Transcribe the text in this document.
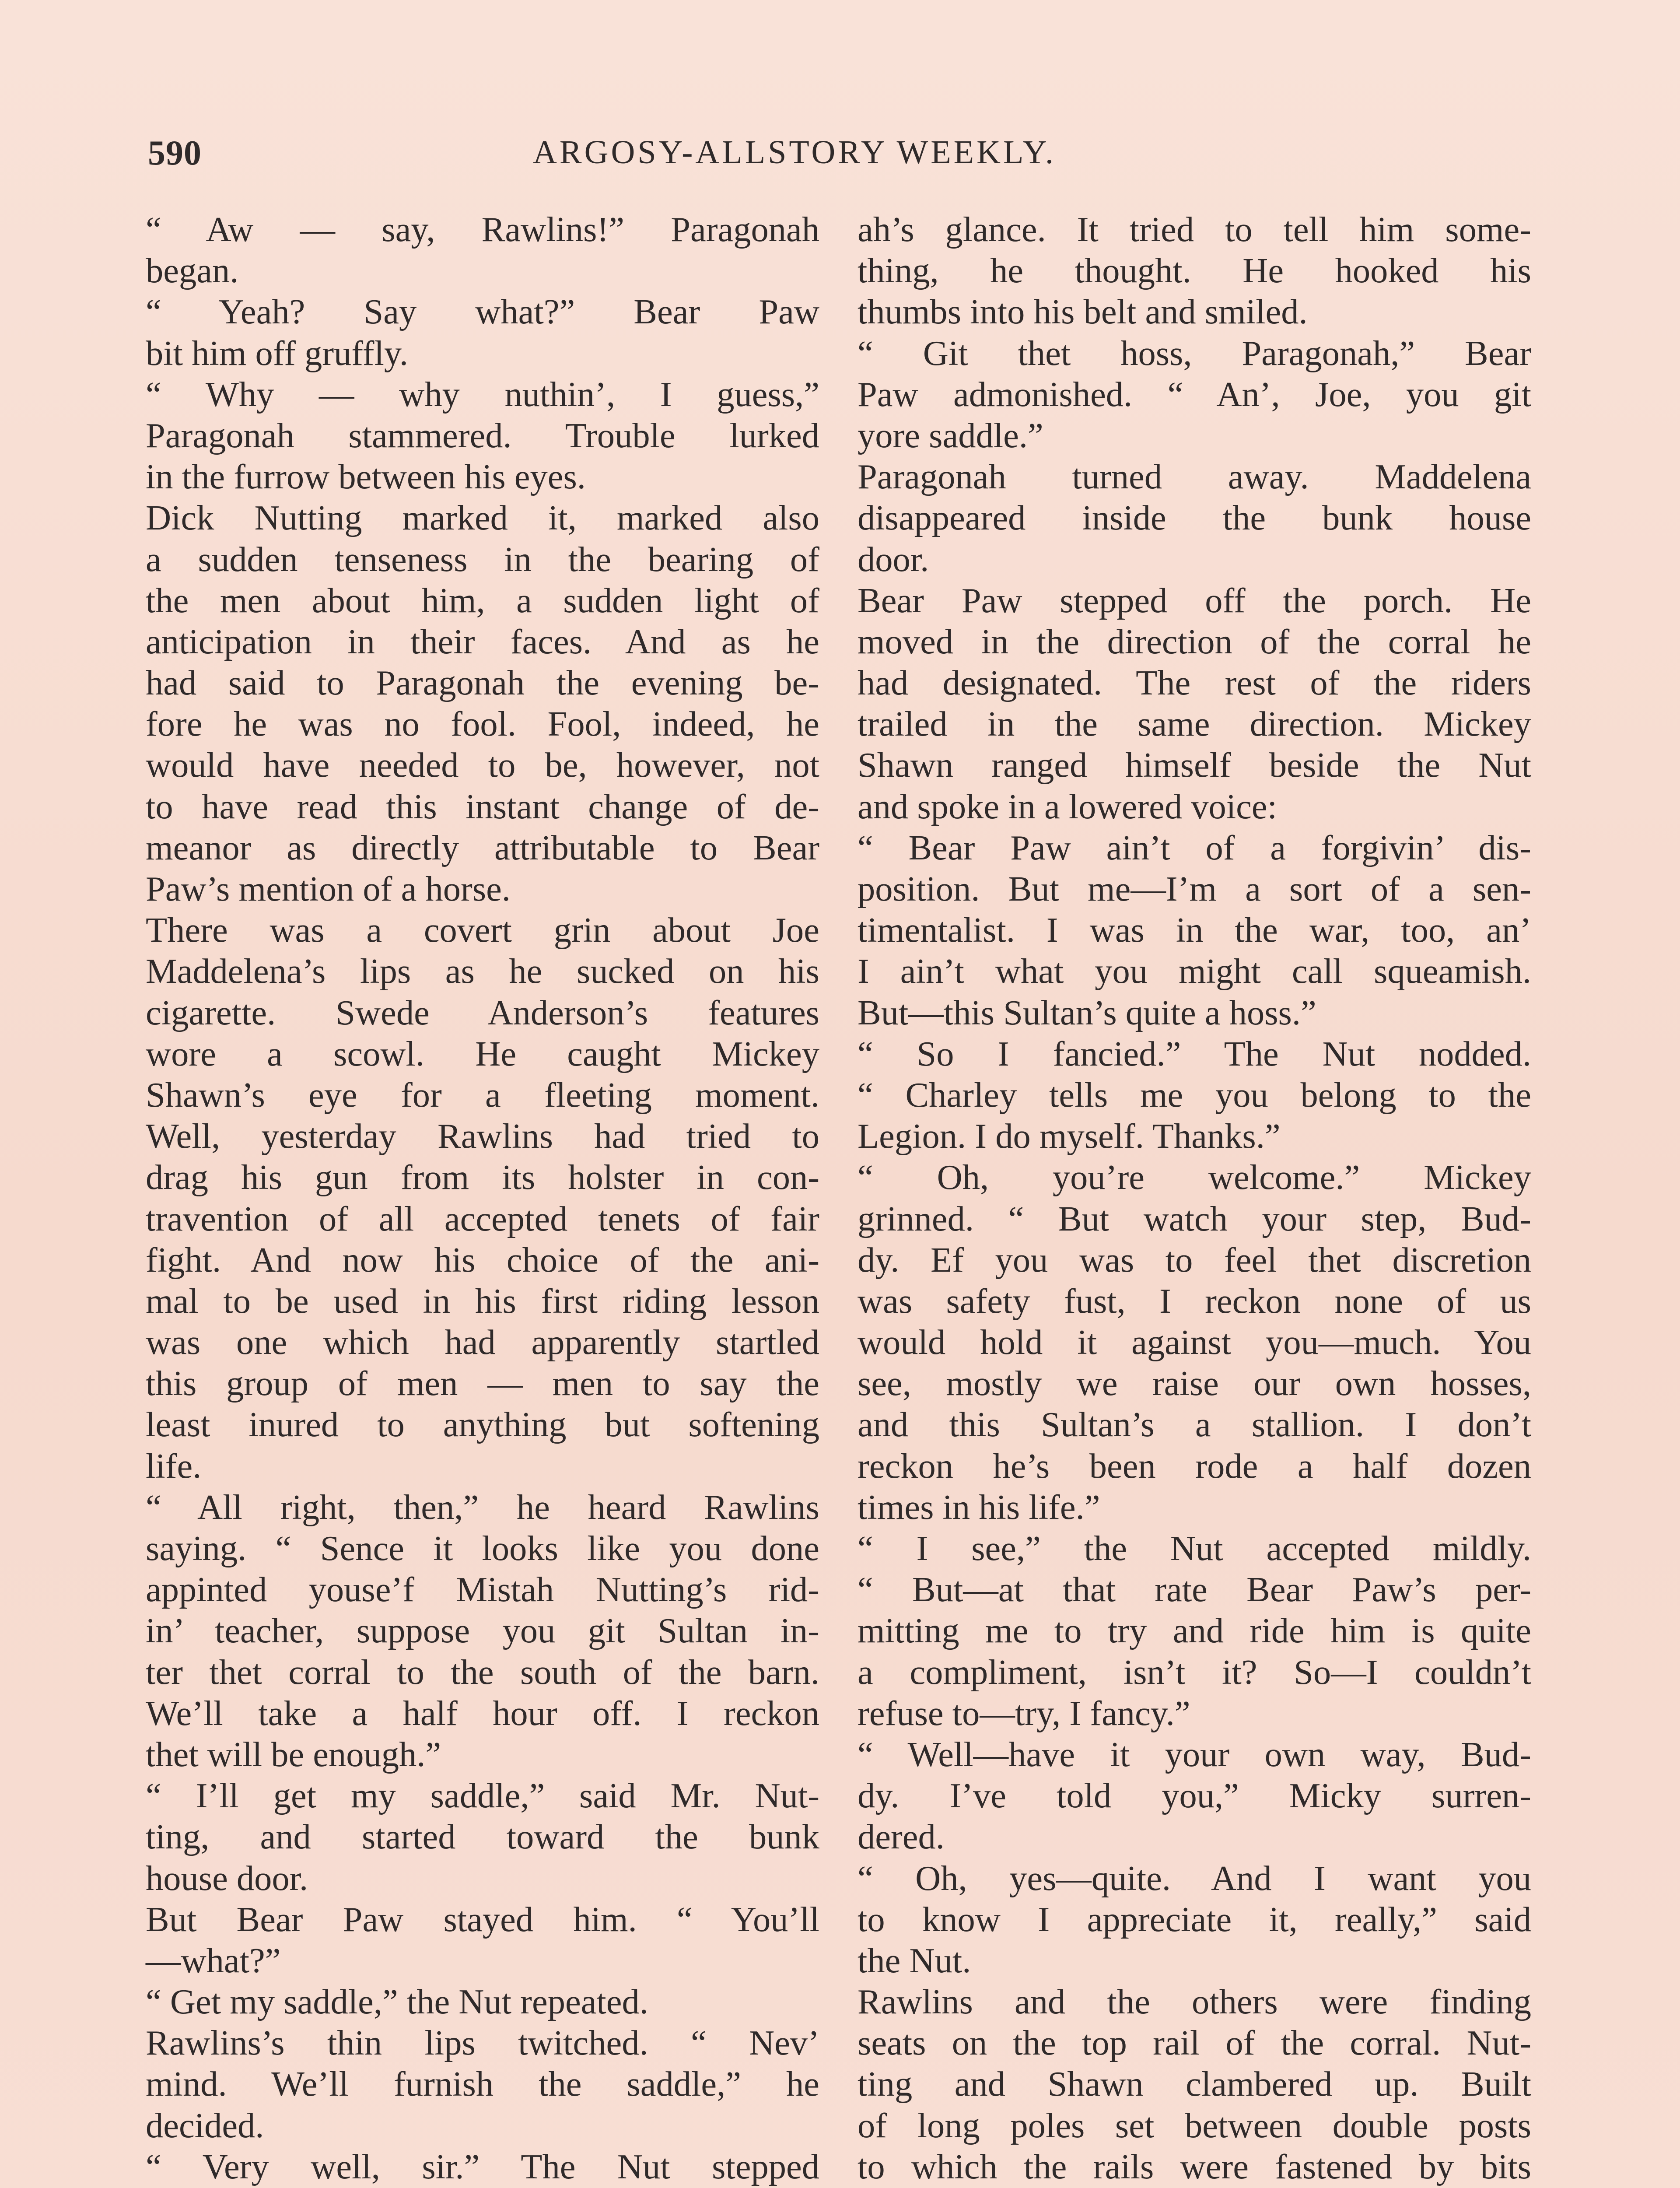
590	ARGOSY-ALLSTORY WEEKLY.
“ Aw — say, Rawlins!” Paragonah
began.
“ Yeah? Say what?” Bear Paw
bit him off gruffly.
“ Why — why nuthin’, I guess,”
Paragonah stammered. Trouble lurked
in the furrow between his eyes.
Dick Nutting marked it, marked also
a sudden tenseness in the bearing of
the men about him, a sudden light of
anticipation in their faces. And as he
had said to Paragonah the evening be-
fore he was no fool. Fool, indeed, he
would have needed to be, however, not
to have read this instant change of de-
meanor as directly attributable to Bear
Paw’s mention of a horse.
There was a covert grin about Joe
Maddelena’s lips as he sucked on his
cigarette. Swede Anderson’s features
wore a scowl. He caught Mickey
Shawn’s eye for a fleeting moment.
Well, yesterday Rawlins had tried to
drag his gun from its holster in con-
travention of all accepted tenets of fair
fight. And now his choice of the ani-
mal to be used in his first riding lesson
was one which had apparently startled
this group of men — men to say the
least inured to anything but softening
life.
“ All right, then,” he heard Rawlins
saying. “ Sence it looks like you done
appinted youse’f Mistah Nutting’s rid-
in’ teacher, suppose you git Sultan in-
ter thet corral to the south of the barn.
We’ll take a half hour off. I reckon
thet will be enough.”
“ I’ll get my saddle,” said Mr. Nut-
ting, and started toward the bunk
house door.
But Bear Paw stayed him. “ You’ll
—what?”
“ Get my saddle,” the Nut repeated.
Rawlins’s thin lips twitched. “ Nev’
mind. We’ll furnish the saddle,” he
decided.
“ Very well, sir.” The Nut stepped
ah’s glance. It tried to tell him some-
thing, he thought. He hooked his
thumbs into his belt and smiled.
“ Git thet hoss, Paragonah,” Bear
Paw admonished. “ An’, Joe, you git
yore saddle.”
Paragonah turned away. Maddelena
disappeared inside the bunk house
door.
Bear Paw stepped off the porch. He
moved in the direction of the corral he
had designated. The rest of the riders
trailed in the same direction. Mickey
Shawn ranged himself beside the Nut
and spoke in a lowered voice:
“ Bear Paw ain’t of a forgivin’ dis-
position. But me—I’m a sort of a sen-
timentalist. I was in the war, too, an’
I ain’t what you might call squeamish.
But—this Sultan’s quite a hoss.”
“ So I fancied.” The Nut nodded.
“ Charley tells me you belong to the
Legion. I do myself. Thanks.”
“ Oh, you’re welcome.” Mickey
grinned. “ But watch your step, Bud-
dy. Ef you was to feel thet discretion
was safety fust, I reckon none of us
would hold it against you—much. You
see, mostly we raise our own hosses,
and this Sultan’s a stallion. I don’t
reckon he’s been rode a half dozen
times in his life.”
“ I see,” the Nut accepted mildly.
“ But—at that rate Bear Paw’s per-
mitting me to try and ride him is quite
a compliment, isn’t it? So—I couldn’t
refuse to—try, I fancy.”
“ Well—have it your own way, Bud-
dy. I’ve told you,” Micky surren-
dered.
“ Oh, yes—quite. And I want you
to know I appreciate it, really,” said
the Nut.
Rawlins and the others were finding
seats on the top rail of the corral. Nut-
ting and Shawn clambered up. Built
of long poles set between double posts
to which the rails were fastened by bits
